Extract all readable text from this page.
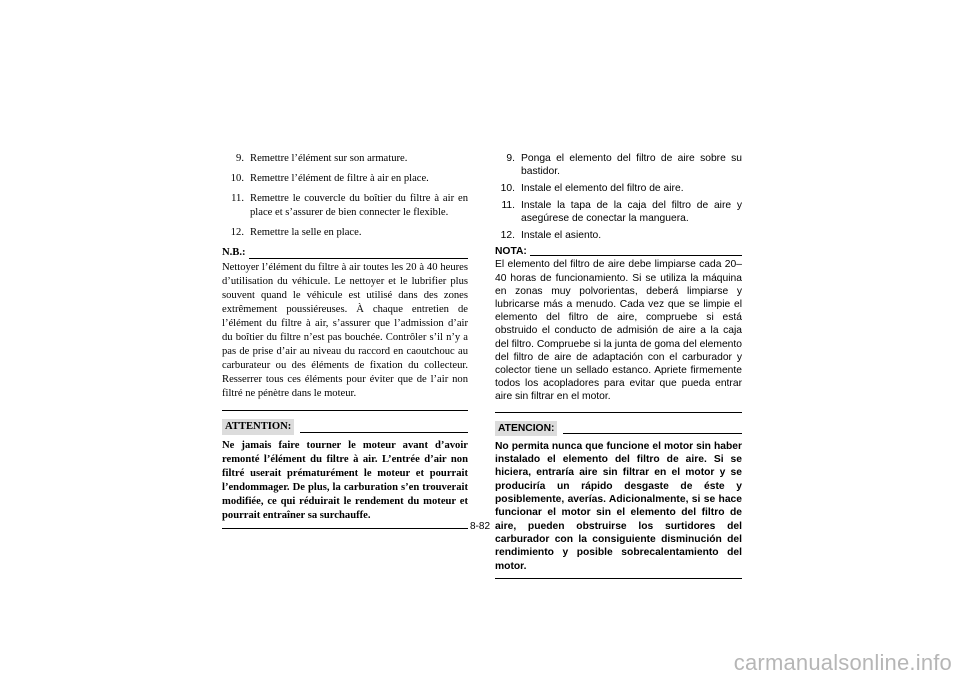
9. Remettre l’élément sur son armature.
10. Remettre l’élément de filtre à air en place.
11. Remettre le couvercle du boîtier du filtre à air en place et s’assurer de bien connecter le flexible.
12. Remettre la selle en place.
N.B.:

Nettoyer l’élément du filtre à air toutes les 20 à 40 heures d’utilisation du véhicule. Le nettoyer et le lubrifier plus souvent quand le véhicule est utilisé dans des zones extrêmement poussiéreuses. À chaque entretien de l’élément du filtre à air, s’assurer que l’admission d’air du boîtier du filtre n’est pas bouchée. Contrôler s’il n’y a pas de prise d’air au niveau du raccord en caoutchouc au carburateur ou des éléments de fixation du collecteur. Resserrer tous ces éléments pour éviter que de l’air non filtré ne pénètre dans le moteur.

ATTENTION:
Ne jamais faire tourner le moteur avant d’avoir remonté l’élément du filtre à air. L’entrée d’air non filtré userait prématurément le moteur et pourrait l’endommager. De plus, la carburation s’en trouverait modifiée, ce qui réduirait le rendement du moteur et pourrait entraîner sa surchauffe.
9. Ponga el elemento del filtro de aire sobre su bastidor.
10. Instale el elemento del filtro de aire.
11. Instale la tapa de la caja del filtro de aire y asegúrese de conectar la manguera.
12. Instale el asiento.
NOTA:

El elemento del filtro de aire debe limpiarse cada 20–40 horas de funcionamiento. Si se utiliza la máquina en zonas muy polvorientas, deberá limpiarse y lubricarse más a menudo. Cada vez que se limpie el elemento del filtro de aire, compruebe si está obstruido el conducto de admisión de aire a la caja del filtro. Compruebe si la junta de goma del elemento del filtro de aire de adaptación con el carburador y colector tiene un sellado estanco. Apriete firmemente todos los acopladores para evitar que pueda entrar aire sin filtrar en el motor.

ATENCION:
No permita nunca que funcione el motor sin haber instalado el elemento del filtro de aire. Si se hiciera, entraría aire sin filtrar en el motor y se produciría un rápido desgaste de éste y posiblemente, averías. Adicionalmente, si se hace funcionar el motor sin el elemento del filtro de aire, pueden obstruirse los surtidores del carburador con la consiguiente disminución del rendimiento y posible sobrecalentamiento del motor.
8-82
carmanualsonline.info
